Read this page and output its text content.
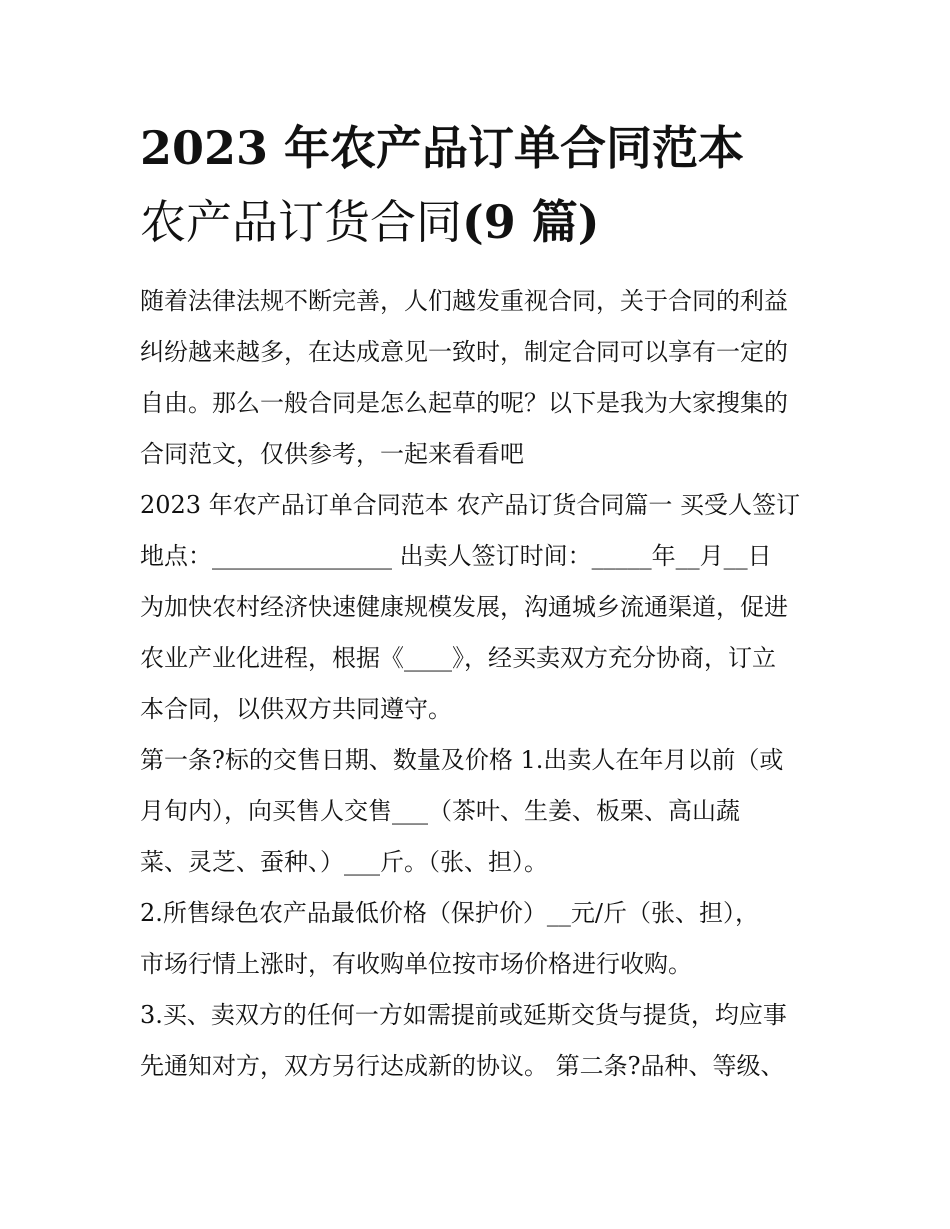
2023 年农产品订单合同范本
农产品订货合同(9 篇)
随着法律法规不断完善，人们越发重视合同，关于合同的利益
纠纷越来越多，在达成意见一致时，制定合同可以享有一定的
自由。那么一般合同是怎么起草的呢？以下是我为大家搜集的
合同范文，仅供参考，一起来看看吧
2023 年农产品订单合同范本 农产品订货合同篇一 买受人签订
地点：_______________ 出卖人签订时间：_____年__月__日
为加快农村经济快速健康规模发展，沟通城乡流通渠道，促进
农业产业化进程，根据《____》，经买卖双方充分协商，订立
本合同，以供双方共同遵守。
第一条?标的交售日期、数量及价格 1.出卖人在年月以前（或
月旬内），向买售人交售___（茶叶、生姜、板栗、高山蔬
菜、灵芝、蚕种、）___斤。（张、担）。
2.所售绿色农产品最低价格（保护价）__元/斤（张、担），
市场行情上涨时，有收购单位按市场价格进行收购。
3.买、卖双方的任何一方如需提前或延斯交货与提货，均应事
先通知对方，双方另行达成新的协议。 第二条?品种、等级、
